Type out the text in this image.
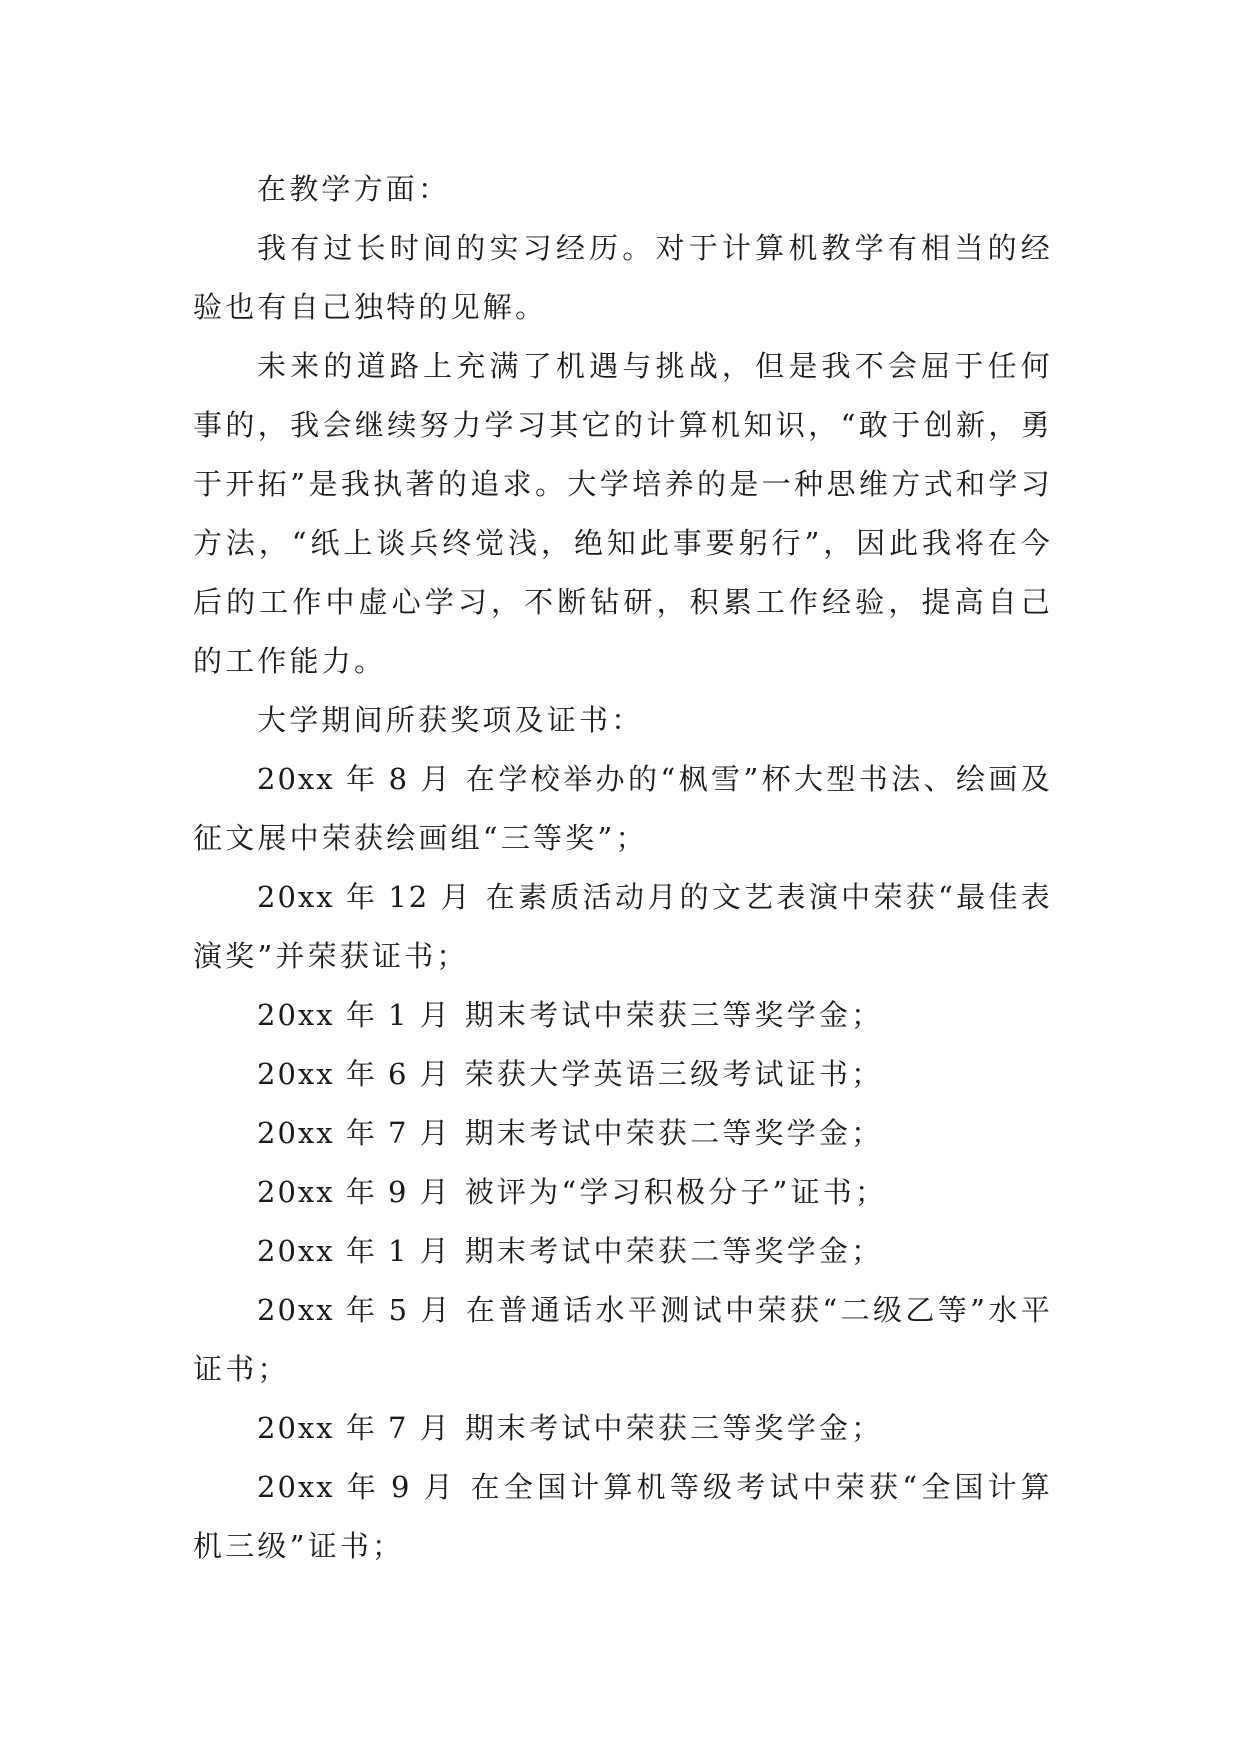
在教学方面：

我有过长时间的实习经历。对于计算机教学有相当的经验也有自己独特的见解。

未来的道路上充满了机遇与挑战，但是我不会屈于任何事的，我会继续努力学习其它的计算机知识，“敢于创新，勇于开拓”是我执著的追求。大学培养的是一种思维方式和学习方法，“纸上谈兵终觉浅，绝知此事要躬行”，因此我将在今后的工作中虚心学习，不断钻研，积累工作经验，提高自己的工作能力。

大学期间所获奖项及证书：

20xx 年 8 月 在学校举办的“枫雪”杯大型书法、绘画及征文展中荣获绘画组“三等奖”；

20xx 年 12 月 在素质活动月的文艺表演中荣获“最佳表演奖”并荣获证书；

20xx 年 1 月 期末考试中荣获三等奖学金；

20xx 年 6 月 荣获大学英语三级考试证书；

20xx 年 7 月 期末考试中荣获二等奖学金；

20xx 年 9 月 被评为“学习积极分子”证书；

20xx 年 1 月 期末考试中荣获二等奖学金；

20xx 年 5 月 在普通话水平测试中荣获“二级乙等”水平证书；

20xx 年 7 月 期末考试中荣获三等奖学金；

20xx 年 9 月 在全国计算机等级考试中荣获“全国计算机三级”证书；
